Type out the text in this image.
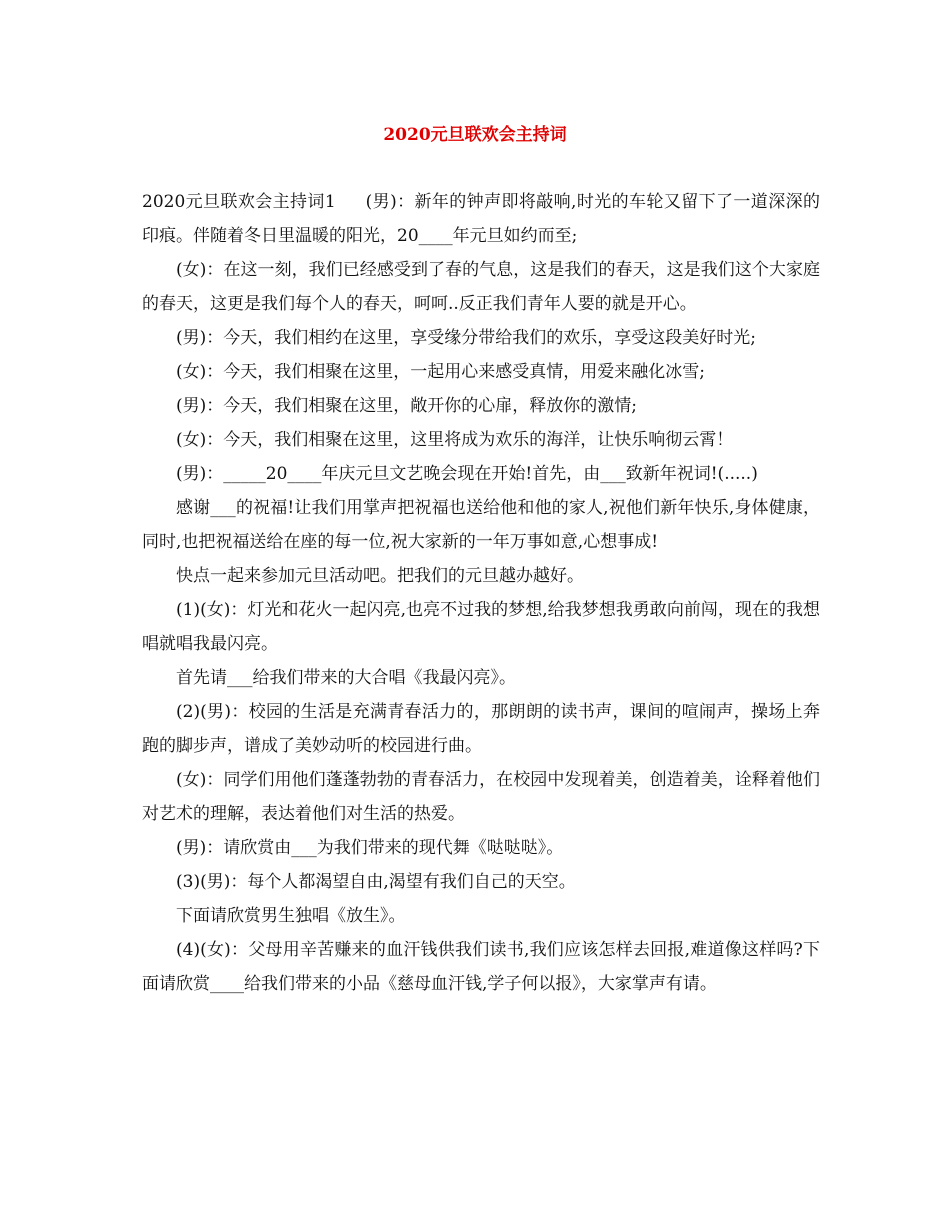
2020元旦联欢会主持词

2020元旦联欢会主持词1 (男)：新年的钟声即将敲响,时光的车轮又留下了一道深深的印痕。伴随着冬日里温暖的阳光，20____年元旦如约而至;

(女)：在这一刻，我们已经感受到了春的气息，这是我们的春天，这是我们这个大家庭的春天，这更是我们每个人的春天，呵呵..反正我们青年人要的就是开心。

(男)：今天，我们相约在这里，享受缘分带给我们的欢乐，享受这段美好时光;

(女)：今天，我们相聚在这里，一起用心来感受真情，用爱来融化冰雪;

(男)：今天，我们相聚在这里，敞开你的心扉，释放你的激情;

(女)：今天，我们相聚在这里，这里将成为欢乐的海洋，让快乐响彻云霄！

(男)：_____20____年庆元旦文艺晚会现在开始!首先，由___致新年祝词!(.....)

感谢___的祝福!让我们用掌声把祝福也送给他和他的家人,祝他们新年快乐,身体健康，同时,也把祝福送给在座的每一位,祝大家新的一年万事如意,心想事成!

快点一起来参加元旦活动吧。把我们的元旦越办越好。

(1)(女)：灯光和花火一起闪亮,也亮不过我的梦想,给我梦想我勇敢向前闯，现在的我想唱就唱我最闪亮。

首先请___给我们带来的大合唱《我最闪亮》。

(2)(男)：校园的生活是充满青春活力的，那朗朗的读书声，课间的喧闹声，操场上奔跑的脚步声，谱成了美妙动听的校园进行曲。

(女)：同学们用他们蓬蓬勃勃的青春活力，在校园中发现着美，创造着美，诠释着他们对艺术的理解，表达着他们对生活的热爱。

(男)：请欣赏由___为我们带来的现代舞《哒哒哒》。

(3)(男)：每个人都渴望自由,渴望有我们自己的天空。

下面请欣赏男生独唱《放生》。

(4)(女)：父母用辛苦赚来的血汗钱供我们读书,我们应该怎样去回报,难道像这样吗?下面请欣赏____给我们带来的小品《慈母血汗钱,学子何以报》，大家掌声有请。
